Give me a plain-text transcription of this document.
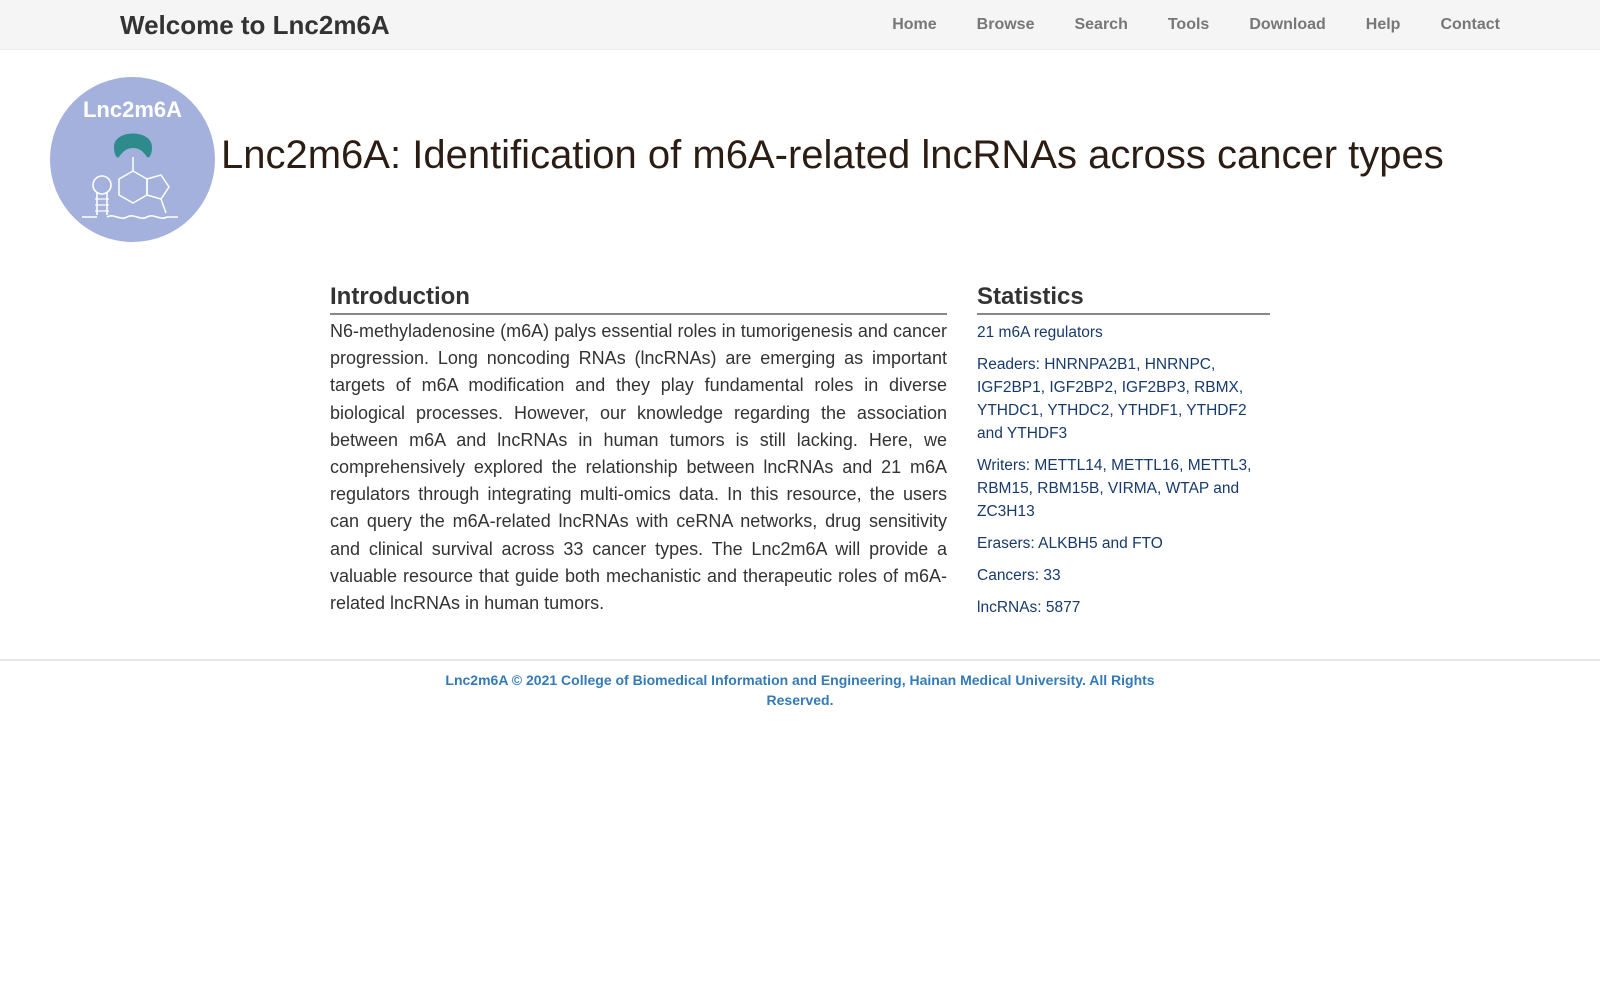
Welcome to Lnc2m6A	Home	Browse	Search	Tools	Download	Help	Contact
Lnc2m6A
Lnc2m6A: Identification of m6A-related lncRNAs across cancer types
Introduction

N6-methyladenosine (m6A) palys essential roles in tumorigenesis and cancer progression. Long noncoding RNAs (lncRNAs) are emerging as important targets of m6A modification and they play fundamental roles in diverse biological processes. However, our knowledge regarding the association between m6A and lncRNAs in human tumors is still lacking. Here, we comprehensively explored the relationship between lncRNAs and 21 m6A regulators through integrating multi-omics data. In this resource, the users can query the m6A-related lncRNAs with ceRNA networks, drug sensitivity and clinical survival across 33 cancer types. The Lnc2m6A will provide a valuable resource that guide both mechanistic and therapeutic roles of m6A-related lncRNAs in human tumors.

Statistics
21 m6A regulators
Readers: HNRNPA2B1, HNRNPC, IGF2BP1, IGF2BP2, IGF2BP3, RBMX, YTHDC1, YTHDC2, YTHDF1, YTHDF2 and YTHDF3
Writers: METTL14, METTL16, METTL3, RBM15, RBM15B, VIRMA, WTAP and ZC3H13
Erasers: ALKBH5 and FTO
Cancers: 33
lncRNAs: 5877
Lnc2m6A © 2021 College of Biomedical Information and Engineering, Hainan Medical University. All Rights Reserved.
